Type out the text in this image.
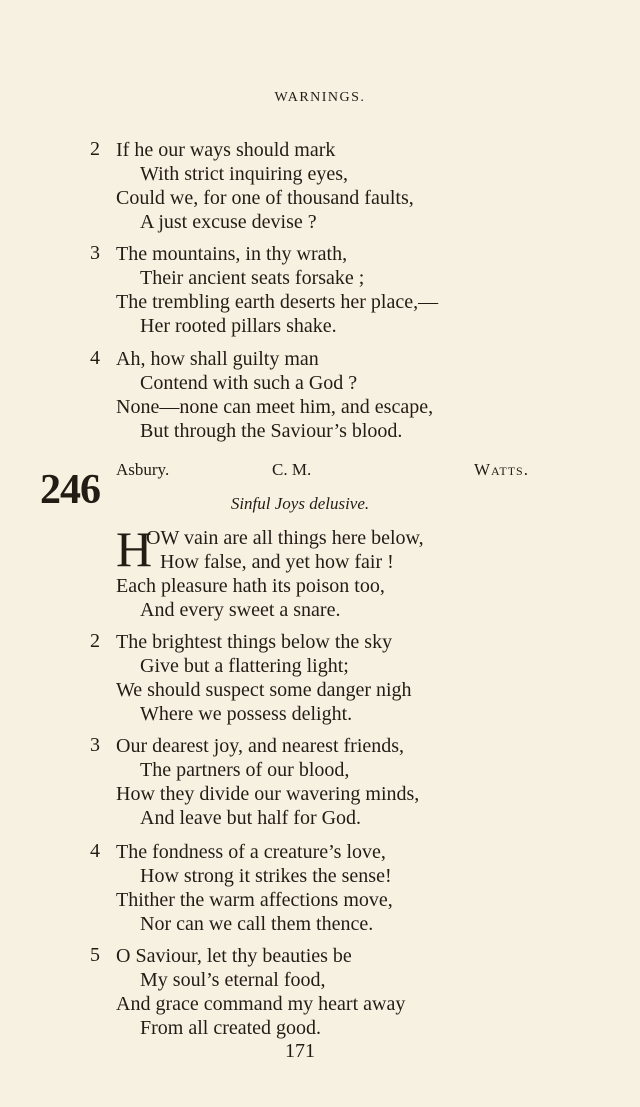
WARNINGS.
2 If he our ways should mark
With strict inquiring eyes,
Could we, for one of thousand faults,
A just excuse devise ?
3 The mountains, in thy wrath,
Their ancient seats forsake ;
The trembling earth deserts her place,—
Her rooted pillars shake.
4 Ah, how shall guilty man
Contend with such a God ?
None—none can meet him, and escape,
But through the Saviour’s blood.
246 Asbury.	C. M.	Watts.
Sinful Joys delusive.
H
OW vain are all things here below,
How false, and yet how fair !
Each pleasure hath its poison too,
And every sweet a snare.
2 The brightest things below the sky
Give but a flattering light;
We should suspect some danger nigh
Where we possess delight.
3 Our dearest joy, and nearest friends,
The partners of our blood,
How they divide our wavering minds,
And leave but half for God.
4 The fondness of a creature’s love,
How strong it strikes the sense!
Thither the warm affections move,
Nor can we call them thence.
5 O Saviour, let thy beauties be
My soul’s eternal food,
And grace command my heart away
From all created good.
171
